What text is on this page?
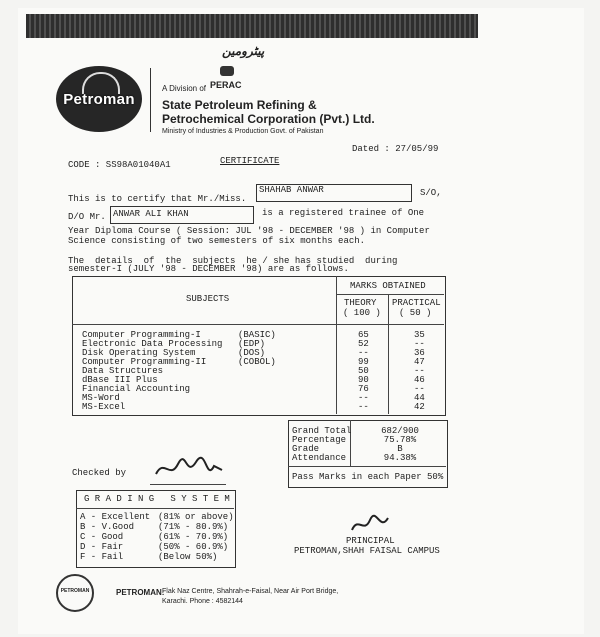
پیٹرومین
Petroman
A Division of PERAC
State Petroleum Refining &
Petrochemical Corporation (Pvt.) Ltd.
Ministry of Industries & Production Govt. of Pakistan
Dated : 27/05/99
CODE : SS98A01040A1	CERTIFICATE
This is to certify that Mr./Miss.
SHAHAB ANWAR	S/O,
D/O Mr. ANWAR ALI KHAN	is a registered trainee of One
Year Diploma Course ( Session: JUL '98 - DECEMBER '98 ) in Computer
Science consisting of two semesters of six months each.
The  details  of  the  subjects  he / she has studied  during
semester-I (JULY '98 - DECEMBER '98) are as follows.
SUBJECTS
MARKS OBTAINED
THEORY
( 100 )
PRACTICAL
( 50 )
Computer Programming-I	(BASIC)	65	35
Electronic Data Processing (EDP)	52	--
Disk Operating System	(DOS)	--	36
Computer Programming-II	(COBOL)	99	47
Data Structures	50	--
dBase III Plus	90	46
Financial Accounting	76	--
MS-Word	--	44
MS-Excel	--	42
Grand Total	682/900
Percentage	75.78%
Grade	B
Attendance	94.38%
Pass Marks in each Paper 50%
Checked by
G R A D I N G   S Y S T E M
A - Excellent (81% or above)
B - V.Good	(71% - 80.9%)
C - Good	(61% - 70.9%)
D - Fair	(50% - 60.9%)
F - Fail	(Below 50%)
PRINCIPAL
PETROMAN,SHAH FAISAL CAMPUS
PETROMAN	PETROMAN:
Flak Naz Centre, Shahrah-e-Faisal, Near Air Port Bridge,
Karachi. Phone : 4582144
